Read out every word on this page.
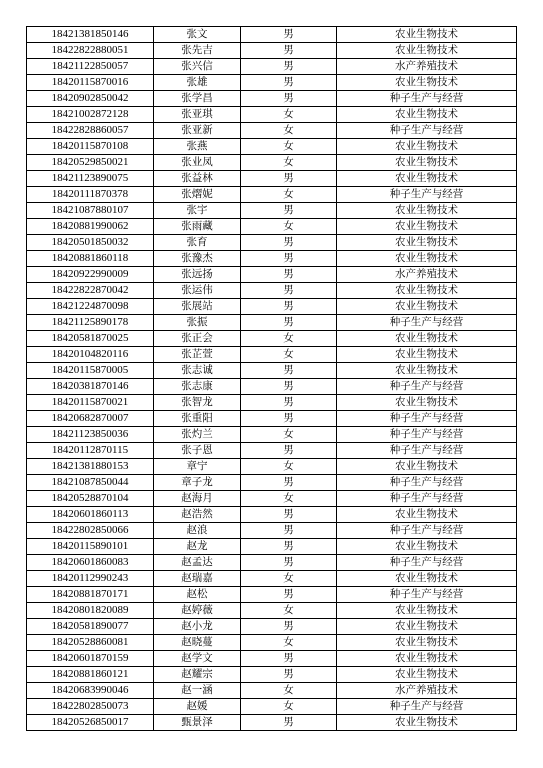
18421381850146	张文	男	农业生物技术
18422822880051	张先吉	男	农业生物技术
18421122850057	张兴信	男	水产养殖技术
18420115870016	张雄	男	农业生物技术
18420902850042	张学昌	男	种子生产与经营
18421002872128	张亚琪	女	农业生物技术
18422828860057	张亚新	女	种子生产与经营
18420115870108	张燕	女	农业生物技术
18420529850021	张业凤	女	农业生物技术
18421123890075	张益林	男	农业生物技术
18420111870378	张熠妮	女	种子生产与经营
18421087880107	张宇	男	农业生物技术
18420881990062	张雨藏	女	农业生物技术
18420501850032	张育	男	农业生物技术
18420881860118	张豫杰	男	农业生物技术
18420922990009	张远扬	男	水产养殖技术
18422822870042	张运伟	男	农业生物技术
18421224870098	张展站	男	农业生物技术
18421125890178	张振	男	种子生产与经营
18420581870025	张正会	女	农业生物技术
18420104820116	张芷萱	女	农业生物技术
18420115870005	张志诚	男	农业生物技术
18420381870146	张志康	男	种子生产与经营
18420115870021	张智龙	男	农业生物技术
18420682870007	张重阳	男	种子生产与经营
18421123850036	张灼兰	女	种子生产与经营
18420112870115	张子恩	男	种子生产与经营
18421381880153	章宁	女	农业生物技术
18421087850044	章子龙	男	种子生产与经营
18420528870104	赵海月	女	种子生产与经营
18420601860113	赵浩然	男	农业生物技术
18422802850066	赵浪	男	种子生产与经营
18420115890101	赵龙	男	农业生物技术
18420601860083	赵孟达	男	种子生产与经营
18420112990243	赵瑞嘉	女	农业生物技术
18420881870171	赵松	男	种子生产与经营
18420801820089	赵婷薇	女	农业生物技术
18420581890077	赵小龙	男	农业生物技术
18420528860081	赵晓蔓	女	农业生物技术
18420601870159	赵学文	男	农业生物技术
18420881860121	赵耀宗	男	农业生物技术
18420683990046	赵一涵	女	水产养殖技术
18422802850073	赵媛	女	种子生产与经营
18420526850017	甄景泽	男	农业生物技术
